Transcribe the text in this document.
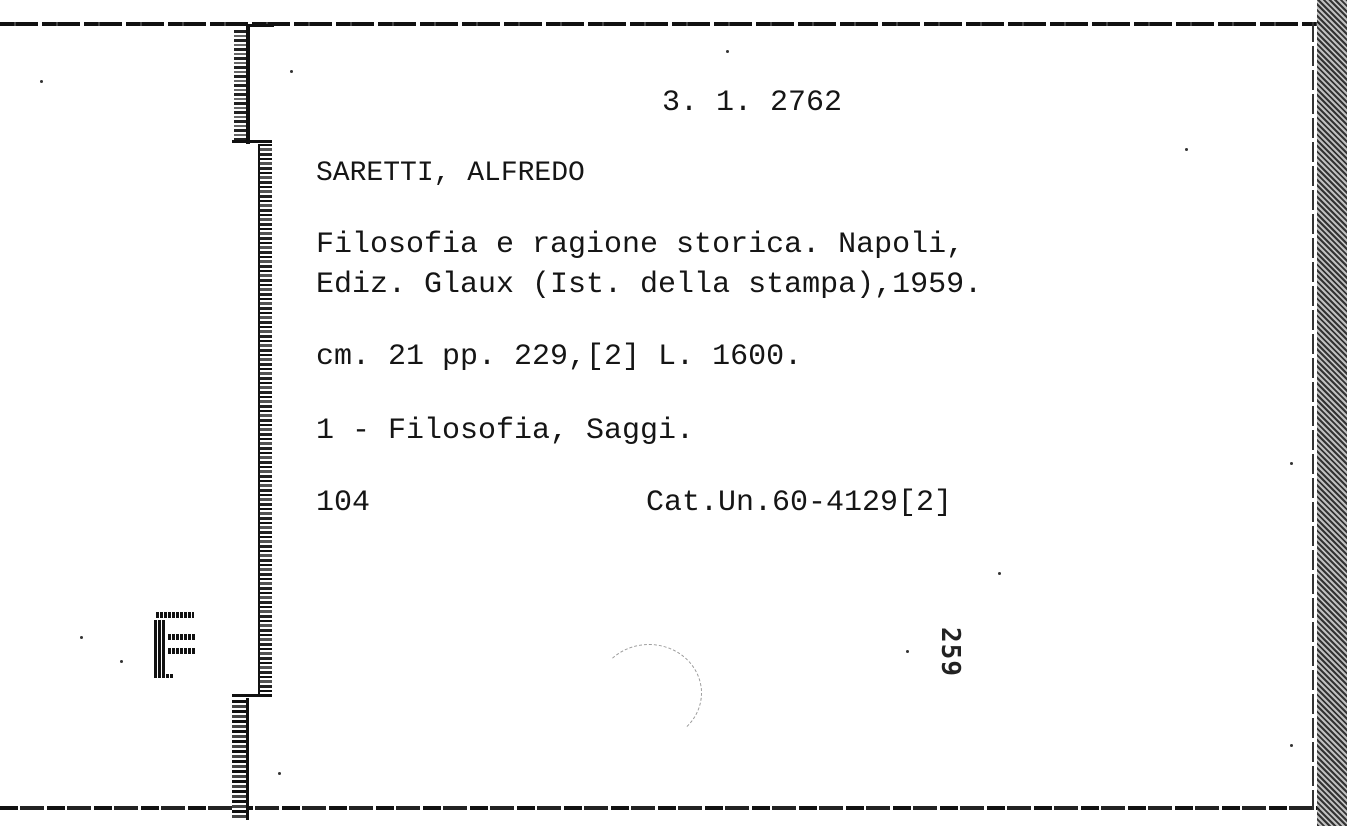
3. 1. 2762
SARETTI, ALFREDO
Filosofia e ragione storica. Napoli,
Ediz. Glaux (Ist. della stampa),1959.
cm. 21 pp. 229,[2] L. 1600.
1 - Filosofia, Saggi.
104	Cat.Un.60-4129[2]
259
